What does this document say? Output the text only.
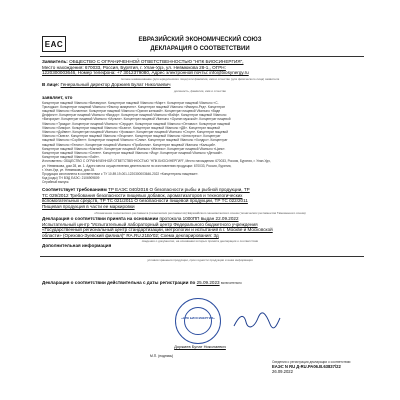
EAC	ЕВРАЗИЙСКИЙ ЭКОНОМИЧЕСКИЙ СОЮЗ
ДЕКЛАРАЦИЯ О СООТВЕТСТВИИ
Заявитель: ОБЩЕСТВО С ОГРАНИЧЕННОЙ ОТВЕТСТВЕННОСТЬЮ "НПК БИОСИНЕРГИЯ",
Место нахождения: 670033, Россия, Бурятия, г. Улан-Удэ, ул. Невмюкова 28-1,, ОГРН:
1220300003646, Номер телефона: +7 3012379080, Адрес электронной почты: info@biosynergy.ru
полное наименование (для юридического лица) или фамилия, имя и отчество (для физического лица) заявителя
В лице: Генеральный директор Доржиев Булат Николаевич
должность, фамилия, имя и отчество
заявляет, что
Концентрат пищевой Vitamuno «Витамуно». Концентрат пищевой Vitamuno «Мирт». Концентрат пищевой Vitamuno «С-
Трилоджи». Концентрат пищевой Vitamuno «Фактор иммунити». Концентрат пищевой Vitamuno «Иммуно-Ред». Концентрат
пищевой Vitamuno «Колагена». Концентрат пищевой Vitamuno «Оригин женский». Концентрат пищевой Vitamuno «Виде
Деффект». Концентрат пищевой Vitamuno «Вигдор». Концентрат пищевой Vitamuno «Вэйф». Концентрат пищевой Vitamuno
«Вигориум». Концентрат пищевой Vitamuno «Мульти». Концентрат пищевой Vitamuno «Оригин мужской». Концентрат пищевой
Vitamuno «Триада». Концентрат пищевой Vitamuno «Сердце». Концентрат пищевой Vitamuno «Оптовис». Концентрат пищевой
Vitamuno «Лимфо». Концентрат пищевой Vitamuno «Бьюти». Концентрат пищевой Vitamuno «ДВ». Концентрат пищевой
Vitamuno «Дойвел». Концентрат пищевой Vitamuno «Уромакс». Концентрат пищевой Vitamuno «Стоун». Концентрат пищевой
Vitamuno «Омега». Концентрат пищевой Vitamuno «Лецитин». Концентрат пищевой Vitamuno «Антистресс». Концентрат
пищевой Vitamuno «Сорбент». Концентрат пищевой Vitamuno «Слим». Концентрат пищевой Vitamuno «Хондро». Концентрат
пищевой Vitamuno «Гепато». Концентрат пищевой Vitamuno «Пробиотик». Концентрат пищевой Vitamuno «Кальций».
Концентрат пищевой Vitamuno «Магний». Концентрат пищевой Vitamuno «Железо». Концентрат пищевой Vitamuno «Цинк».
Концентрат пищевой Vitamuno «Селен». Концентрат пищевой Vitamuno «Йод». Концентрат пищевой Vitamuno «Детский».
Концентрат пищевой Vitamuno «Лайт».
Изготовитель: ОБЩЕСТВО С ОГРАНИЧЕННОЙ ОТВЕТСТВЕННОСТЬЮ "НПК БИОСИНЕРГИЯ", Место нахождения: 670033, Россия, Бурятия, г. Улан-Удэ,
ул. Невмюкова, дом 28, кв. 1. Адрес места осуществления деятельности по изготовлению продукции: 670033, Россия, Бурятия,
г. Улан-Удэ, ул. Невмюкова, дом 28.
Продукция изготовлена в соответствии с ТУ 10.89.19-001-1220300003646-2022 «Концентраты пищевые».
Код (коды) ТН ВЭД ЕАЭС: 2106909809
Серийный выпуск.
Соответствует требованиям ТР ЕАЭС 040/2016 О безопасности рыбы и рыбной продукции, ТР
ТС 029/2012 Требования безопасности пищевых добавок, ароматизаторов и технологических
вспомогательных средств, ТР ТС 021/2011 О безопасности пищевой продукции, ТР ТС 022/2011
Пищевая продукция в части ее маркировки
обозначение технического регламента (технических регламентов) Евразийского экономического союза (технических регламентов Таможенного союза)
Декларация о соответствии принята на основании протокола 1000ПП выдан 22.09.2022
Испытательный центр "Испытательный лабораторный центр Федерального бюджетного учреждения
«Государственный региональный центр стандартизации, метрологии и испытаний в г. Москве и Московской
области» (Орехово-Зуевский филиал)" RA.RU.21БУ02; Схема декларирования: 3д
сведения о документах, на основании которых принята декларация о соответствии
Дополнительная информация
условия хранения продукции, срок годности продукции и иная информация
Декларация о соответствии действительна с даты регистрации по 25.09.2023 включительно
«НПК БИОСИНЕРГИЯ»
Доржиев Булат Николаевич
М.П. (подпись)
Сведения о регистрации декларации о соответствии:
ЕАЭС N RU Д-RU.РА06.В.63837/22
26.09.2022
